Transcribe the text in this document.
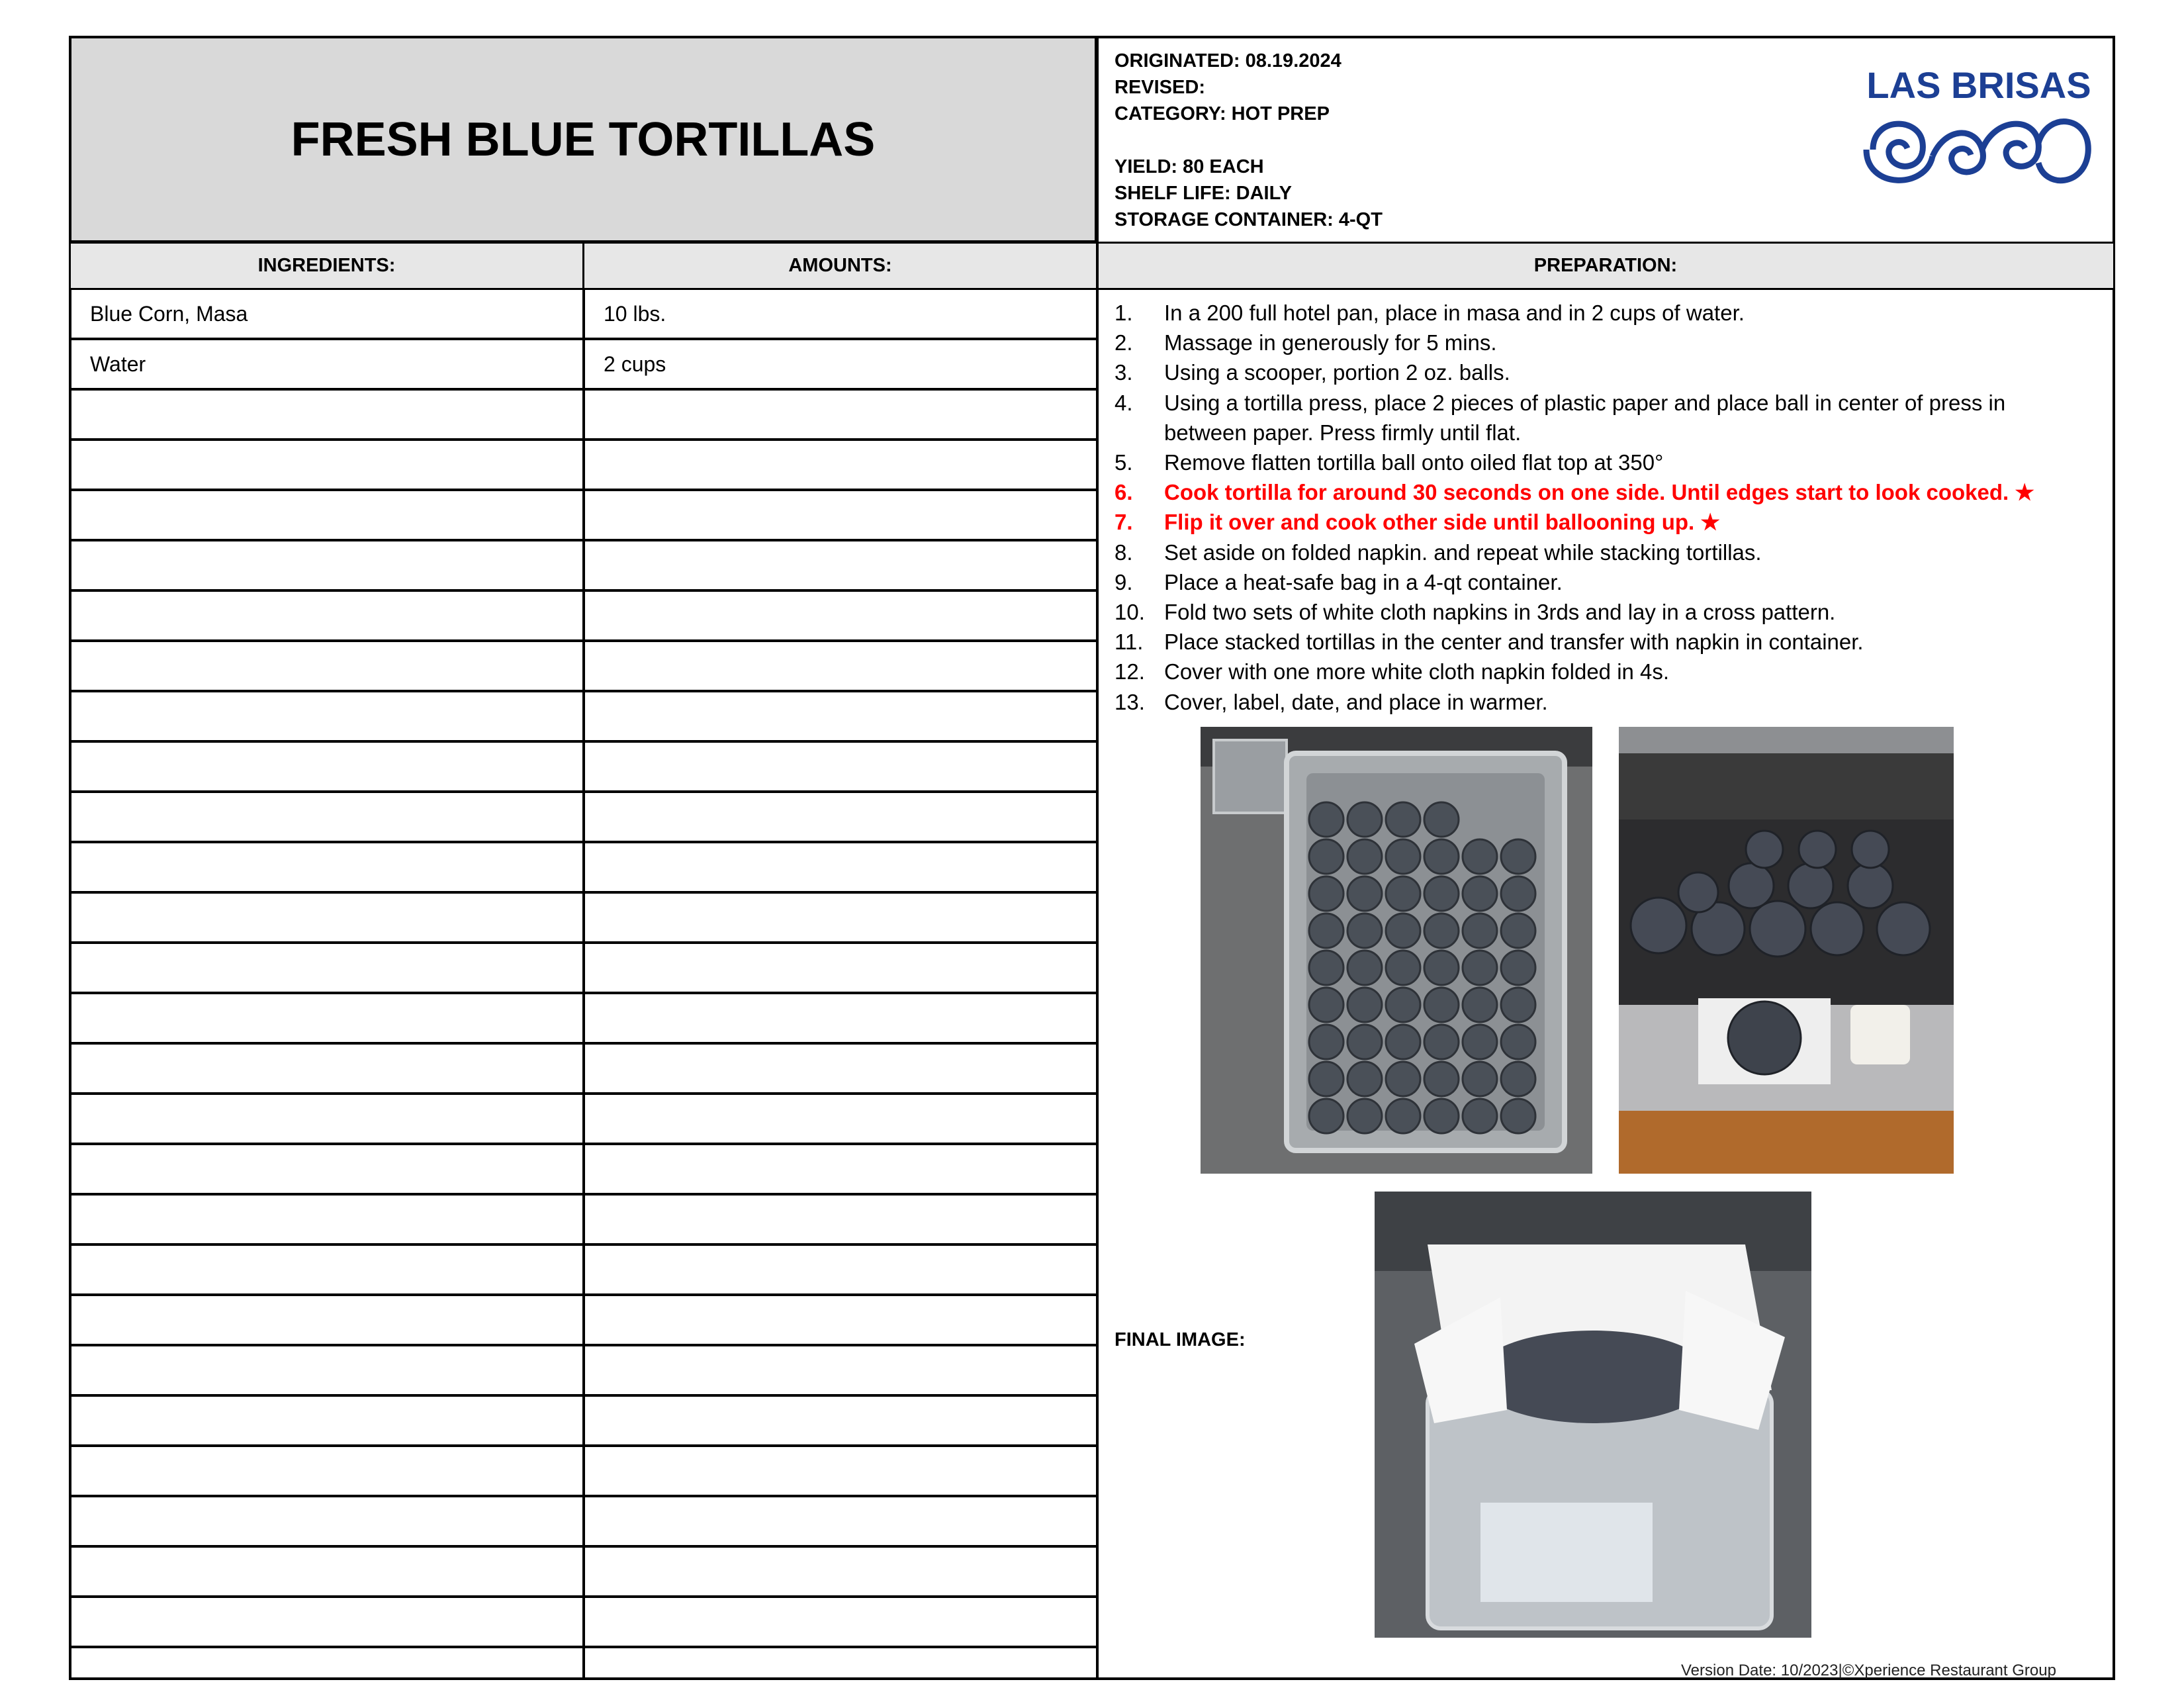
FRESH BLUE TORTILLAS
ORIGINATED: 08.19.2024
REVISED:
CATEGORY: HOT PREP
YIELD: 80 EACH
SHELF LIFE: DAILY
STORAGE CONTAINER: 4-QT
LAS BRISAS
INGREDIENTS:	AMOUNTS:	PREPARATION:
Blue Corn, Masa	10 lbs.
Water	2 cups
1.	In a 200 full hotel pan, place in masa and in 2 cups of water.
2.	Massage in generously for 5 mins.
3.	Using a scooper, portion 2 oz. balls.
4.	Using a tortilla press, place 2 pieces of plastic paper and place ball in center of press in between paper. Press firmly until flat.
5.	Remove flatten tortilla ball onto oiled flat top at 350°
6.	Cook tortilla for around 30 seconds on one side. Until edges start to look cooked. ★
7.	Flip it over and cook other side until ballooning up. ★
8.	Set aside on folded napkin. and repeat while stacking tortillas.
9.	Place a heat-safe bag in a 4-qt container.
10. Fold two sets of white cloth napkins in 3rds and lay in a cross pattern.
11. Place stacked tortillas in the center and transfer with napkin in container.
12. Cover with one more white cloth napkin folded in 4s.
13. Cover, label, date, and place in warmer.
FINAL IMAGE:
Version Date: 10/2023|©Xperience Restaurant Group
